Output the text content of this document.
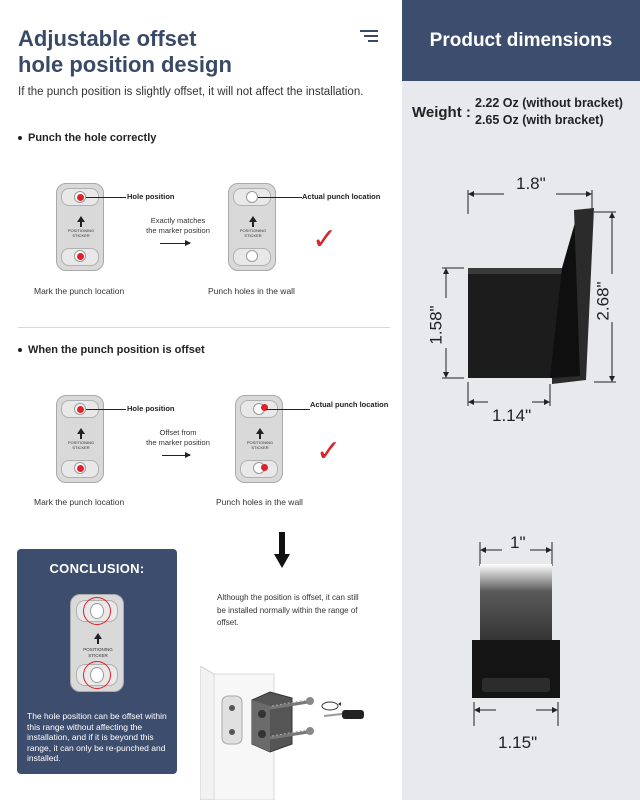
Adjustable offset
hole position design
If the punch position is slightly offset, it will not affect the installation.
Punch the hole correctly
POSITIONING
STICKER
Hole position
Exactly matches
the marker position	POSITIONING
STICKER
Actual punch location
✓
Mark the punch location	Punch holes in the wall
When the punch position is offset
POSITIONING
STICKER
Hole position
Offset from
the marker position	POSITIONING
STICKER
Actual punch location
✓
Mark the punch location	Punch holes in the wall
CONCLUSION:
POSITIONING
STICKER
The hole position can be offset within this range without affecting the installation, and if it is beyond this range, it can only be re-punched and installed.
Although the position is offset, it can still be installed normally within the range of offset.
Product dimensions
Weight :
2.22 Oz (without bracket)
2.65 Oz (with bracket)
1.8"
1.58"
2.68"
1.14"
1"
1.15"
